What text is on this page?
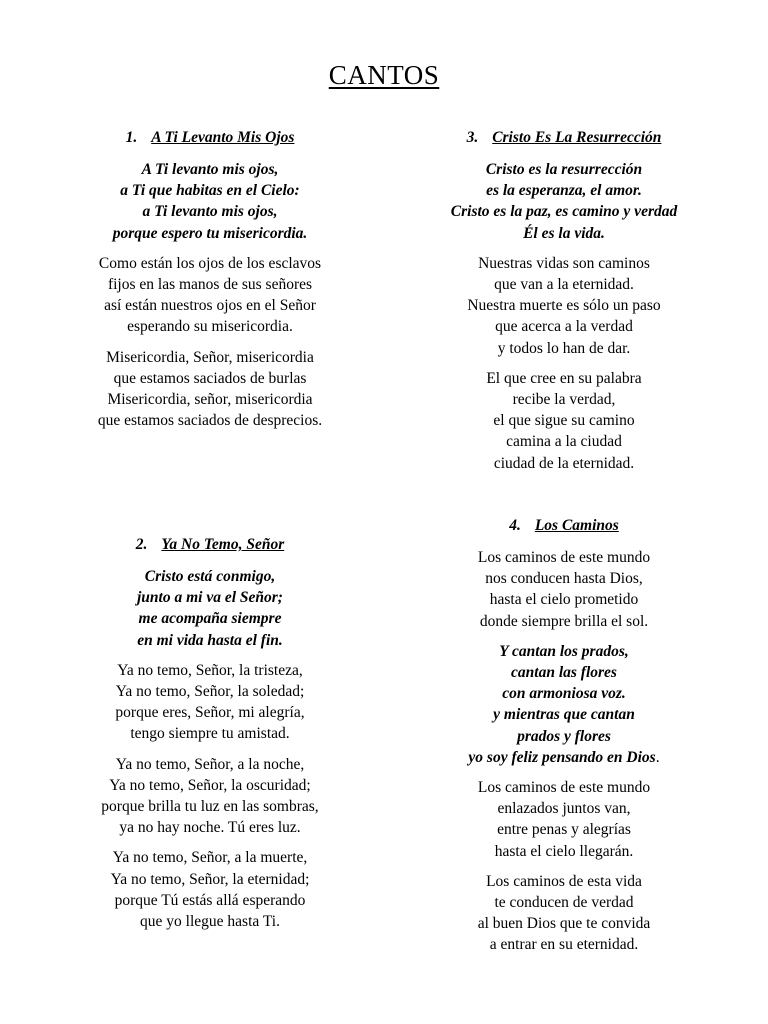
CANTOS
1. A Ti Levanto Mis Ojos
A Ti levanto mis ojos,
a Ti que habitas en el Cielo:
a Ti levanto mis ojos,
porque espero tu misericordia.
Como están los ojos de los esclavos
fijos en las manos de sus señores
así están nuestros ojos en el Señor
esperando su misericordia.
Misericordia, Señor, misericordia
que estamos saciados de burlas
Misericordia, señor, misericordia
que estamos saciados de desprecios.
2. Ya No Temo, Señor
Cristo está conmigo,
junto a mi va el Señor;
me acompaña siempre
en mi vida hasta el fin.
Ya no temo, Señor, la tristeza,
Ya no temo, Señor, la soledad;
porque eres, Señor, mi alegría,
tengo siempre tu amistad.
Ya no temo, Señor, a la noche,
Ya no temo, Señor, la oscuridad;
porque brilla tu luz en las sombras,
ya no hay noche. Tú eres luz.
Ya no temo, Señor, a la muerte,
Ya no temo, Señor, la eternidad;
porque Tú estás allá esperando
que yo llegue hasta Ti.
3. Cristo Es La Resurrección
Cristo es la resurrección
es la esperanza, el amor.
Cristo es la paz, es camino y verdad
Él es la vida.
Nuestras vidas son caminos
que van a la eternidad.
Nuestra muerte es sólo un paso
que acerca a la verdad
y todos lo han de dar.
El que cree en su palabra
recibe la verdad,
el que sigue su camino
camina a la ciudad
ciudad de la eternidad.
4. Los Caminos
Los caminos de este mundo
nos conducen hasta Dios,
hasta el cielo prometido
donde siempre brilla el sol.
Y cantan los prados,
cantan las flores
con armoniosa voz.
y mientras que cantan
prados y flores
yo soy feliz pensando en Dios.
Los caminos de este mundo
enlazados juntos van,
entre penas y alegrías
hasta el cielo llegarán.
Los caminos de esta vida
te conducen de verdad
al buen Dios que te convida
a entrar en su eternidad.
